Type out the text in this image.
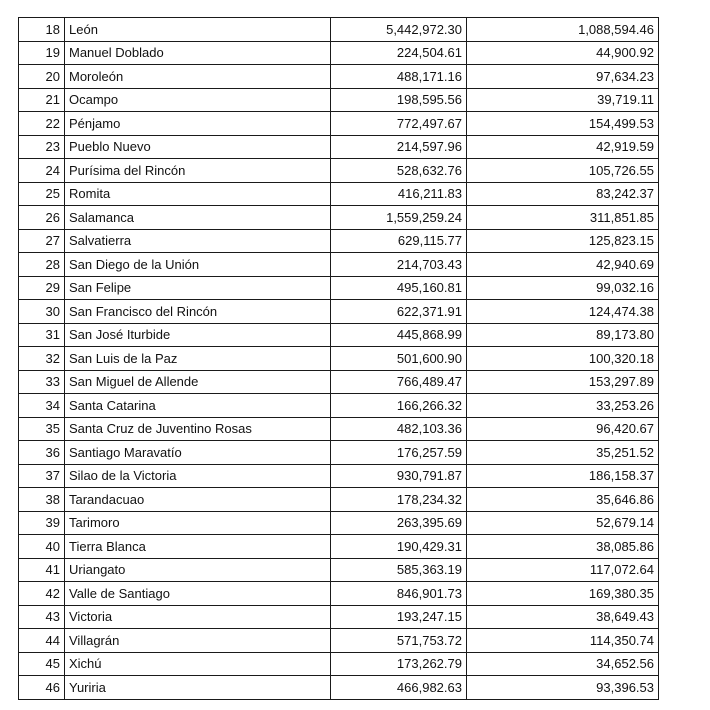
18	León	5,442,972.30	1,088,594.46
19	Manuel Doblado	224,504.61	44,900.92
20	Moroleón	488,171.16	97,634.23
21	Ocampo	198,595.56	39,719.11
22	Pénjamo	772,497.67	154,499.53
23	Pueblo Nuevo	214,597.96	42,919.59
24	Purísima del Rincón	528,632.76	105,726.55
25	Romita	416,211.83	83,242.37
26	Salamanca	1,559,259.24	311,851.85
27	Salvatierra	629,115.77	125,823.15
28	San Diego de la Unión	214,703.43	42,940.69
29	San Felipe	495,160.81	99,032.16
30	San Francisco del Rincón	622,371.91	124,474.38
31	San José Iturbide	445,868.99	89,173.80
32	San Luis de la Paz	501,600.90	100,320.18
33	San Miguel de Allende	766,489.47	153,297.89
34	Santa Catarina	166,266.32	33,253.26
35	Santa Cruz de Juventino Rosas	482,103.36	96,420.67
36	Santiago Maravatío	176,257.59	35,251.52
37	Silao de la Victoria	930,791.87	186,158.37
38	Tarandacuao	178,234.32	35,646.86
39	Tarimoro	263,395.69	52,679.14
40	Tierra Blanca	190,429.31	38,085.86
41	Uriangato	585,363.19	117,072.64
42	Valle de Santiago	846,901.73	169,380.35
43	Victoria	193,247.15	38,649.43
44	Villagrán	571,753.72	114,350.74
45	Xichú	173,262.79	34,652.56
46	Yuriria	466,982.63	93,396.53
